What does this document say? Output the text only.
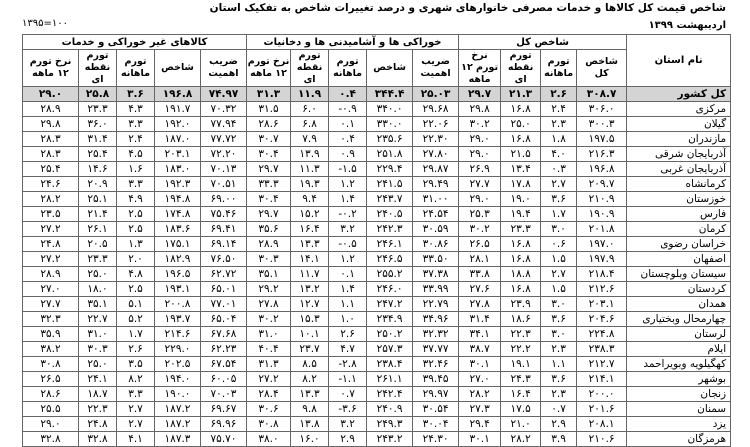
شاخص قیمت کل کالاها و خدمات مصرفی خانوارهای شهری و درصد تغییرات شاخص به تفکیک استان
۱۳۹۵=۱۰۰	اردیبهشت ۱۳۹۹
نام استان	شاخص کل				خوراکی ها و آشامیدنی ها و دخانیات					کالاهای غیر خوراکی و خدمات				
	شاخص کل	تورم ماهانه	تورم نقطه ای	نرخ تورم ۱۲ ماهه	ضریب اهمیت	شاخص	تورم ماهانه	تورم نقطه ای	نرخ تورم ۱۲ ماهه	ضریب اهمیت	شاخص	تورم ماهانه	تورم نقطه ای	نرخ تورم ۱۲ ماهه
کل کشور	۳۰۸.۷	۲.۶	۲۱.۳	۲۹.۷	۲۵.۰۳	۳۴۴.۴	۰.۴	۱۱.۹	۳۱.۳	۷۴.۹۷	۱۹۶.۸	۳.۶	۲۵.۸	۲۹.۰
مرکزی	۳۰۶.۰	۲.۴	۱۶.۸	۲۹.۸	۲۹.۶۸	۳۴۰.۰	۰.۹-	۶.۰	۳۱.۵	۷۰.۳۲	۱۹۱.۷	۴.۳	۲۳.۳	۲۸.۹
گیلان	۳۰۰.۳	۲.۳	۲۵.۰	۳۰.۲	۲۲.۰۶	۳۳۰.۰	۰.۱	۶.۸	۲۸.۶	۷۷.۹۴	۱۹۲.۰	۳.۳	۳۶.۰	۲۹.۸
مازندران	۱۹۷.۵	۱.۸	۱۶.۸	۲۹.۰	۲۲.۳۰	۲۳۵.۶	۰.۴	۷.۹	۳۰.۷	۷۷.۷۲	۱۸۷.۰	۲.۴	۳۱.۴	۲۸.۳
آذربایجان شرقی	۲۱۶.۳	۴.۰	۲۱.۵	۲۹.۰	۲۷.۸۰	۲۵۱.۸	۰.۹	۱۳.۹	۳۰.۴	۷۲.۲۰	۲۰۳.۱	۴.۵	۲۵.۴	۲۸.۳
آذربایجان غربی	۱۹۶.۸	۰.۳	۱۳.۴	۲۶.۹	۲۹.۸۷	۲۲۹.۴	۱.۵-	۱۱.۳	۲۹.۷	۷۰.۱۳	۱۸۳.۰	۱.۶	۱۴.۶	۲۵.۴
کرمانشاه	۲۰۹.۷	۲.۷	۱۷.۸	۲۷.۷	۲۹.۴۹	۲۴۱.۵	۱.۲	۱۹.۳	۳۳.۳	۷۰.۵۱	۱۹۲.۳	۳.۳	۲۰.۹	۲۴.۶
خوزستان	۲۱۰.۹	۳.۶	۱۹.۰	۲۹.۰	۳۱.۰۰	۲۴۳.۷	۱.۴	۹.۴	۳۰.۴	۶۹.۰۰	۱۹۴.۸	۴.۹	۲۵.۱	۲۸.۲
فارس	۱۹۰.۹	۱.۷	۱۹.۴	۲۵.۳	۲۴.۵۴	۲۴۰.۵	۰.۲-	۱۵.۲	۲۹.۷	۷۵.۴۶	۱۷۴.۸	۲.۵	۲۱.۴	۲۳.۵
کرمان	۲۰۱.۸	۳.۰	۲۳.۳	۳۰.۲	۳۰.۵۹	۲۴۲.۳	۳.۲	۱۶.۴	۳۵.۶	۶۹.۴۱	۱۸۳.۶	۲.۵	۲۶.۱	۲۷.۲
خراسان رضوی	۱۹۷.۰	۰.۶	۱۶.۸	۲۶.۵	۳۰.۸۶	۲۴۶.۱	۰.۵-	۱۳.۳	۲۸.۹	۶۹.۱۴	۱۷۵.۱	۱.۳	۲۰.۵	۲۴.۸
اصفهان	۱۹۷.۹	۱.۵	۱۶.۸	۲۸.۱	۳۳.۵۰	۲۴۶.۵	۱.۲	۱۴.۱	۳۰.۳	۷۶.۵۰	۱۸۲.۹	۲.۰	۲۳.۳	۲۷.۲
سیستان وبلوچستان	۲۱۸.۴	۲.۷	۱۸.۸	۳۳.۸	۳۷.۳۸	۲۵۵.۲	۰.۱	۱۱.۷	۳۵.۱	۶۲.۷۲	۱۹۶.۵	۴.۸	۲۵.۰	۲۸.۹
کردستان	۲۱۲.۶	۱.۵	۱۶.۸	۲۷.۶	۳۳.۹۹	۲۴۶.۰	۱.۴	۱۳.۲	۲۹.۲	۶۵.۰۱	۱۹۳.۱	۲.۵	۱۸.۰	۲۷.۰
همدان	۲۰۳.۱	۳.۰	۲۳.۹	۲۷.۸	۲۲.۷۹	۲۴۷.۲	۱.۱	۱۲.۷	۲۷.۸	۷۷.۰۱	۲۰۰.۸	۵.۱	۳۵.۱	۲۷.۷
چهارمحال وبختیاری	۲۰۴.۶	۳.۶	۱۸.۶	۳۱.۴	۳۴.۹۶	۲۳۴.۹	۱.۰	۱۵.۳	۳۰.۲	۶۵.۰۴	۱۹۳.۷	۵.۲	۲۲.۷	۳۲.۳
لرستان	۲۲۴.۸	۳.۰	۲۲.۳	۳۴.۱	۳۲.۳۲	۲۵۰.۲	۲.۶	۱۰.۱	۳۱.۰	۶۷.۶۸	۲۱۴.۶	۱.۷	۳۱.۰	۳۵.۹
ایلام	۲۳۸.۳	۲.۳	۲۲.۲	۳۸.۷	۳۷.۷۷	۲۵۷.۳	۴.۷	۲۳.۷	۴۰.۴	۶۲.۲۳	۲۲۹.۰	۲.۶	۳۰.۳	۳۸.۲
کهگیلویه وبویراحمد	۲۱۲.۷	۱.۱	۱۹.۱	۳۰.۱	۳۲.۴۶	۲۳۸.۴	۲.۸-	۸.۵	۳۱.۳	۶۷.۵۴	۲۰۲.۵	۳.۵	۲۵.۰	۳۰.۸
بوشهر	۲۱۴.۱	۳.۶	۲۴.۳	۲۷.۰	۳۹.۴۵	۲۶۱.۱	۱.۱-	۸.۲	۲۷.۲	۶۰.۰۵	۱۹۴.۰	۸.۲	۲۴.۱	۲۶.۵
زنجان	۲۰۰.۰	۲.۳	۱۶.۴	۲۸.۲	۲۹.۹۷	۲۴۲.۴	۰.۷	۱۳.۳	۲۸.۴	۷۰.۰۳	۱۹۰.۰	۳.۳	۱۸.۷	۲۸.۶
سمنان	۲۰۱.۶	۰.۷	۱۷.۵	۲۷.۳	۳۰.۵۴	۲۴۰.۹	۳.۶-	۹.۸	۳۰.۶	۶۹.۶۷	۱۸۷.۲	۲.۷	۲۲.۳	۲۵.۵
یزد	۲۰۸.۱	۲.۹	۲۱.۰	۲۹.۴	۳۰.۰۴	۲۴۹.۳	۳.۲	۱۳.۸	۳۰.۸	۶۹.۹۶	۱۸۷.۲	۲.۷	۲۴.۸	۲۹.۰
هرمزگان	۲۱۰.۶	۳.۹	۲۸.۲	۳۰.۱	۲۴.۳۰	۲۴۳.۲	۲.۹	۱۶.۰	۳۸.۰	۷۵.۷۰	۱۸۷.۳	۴.۱	۳۲.۸	۳۲.۸
